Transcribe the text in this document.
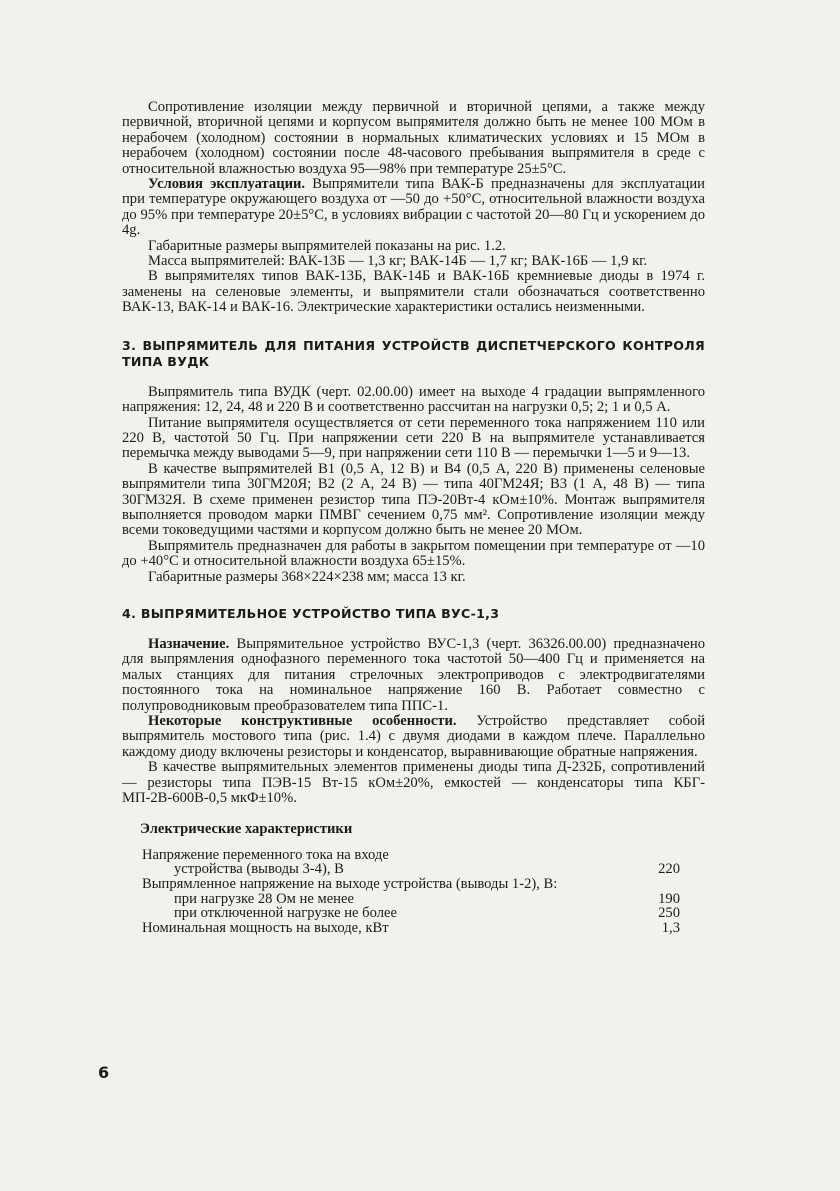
Сопротивление изоляции между первичной и вторичной цепями, а также между первичной, вторичной цепями и корпусом выпрямителя должно быть не менее 100 МОм в нерабочем (холодном) состоянии в нормальных климатических условиях и 15 МОм в нерабочем (холодном) состоянии после 48-часового пребывания выпрямителя в среде с относительной влажностью воздуха 95—98% при температуре 25±5°С.

Условия эксплуатации. Выпрямители типа ВАК-Б предназначены для эксплуатации при температуре окружающего воздуха от —50 до +50°С, относительной влажности воздуха до 95% при температуре 20±5°С, в условиях вибрации с частотой 20—80 Гц и ускорением до 4g.

Габаритные размеры выпрямителей показаны на рис. 1.2.

Масса выпрямителей: ВАК-13Б — 1,3 кг; ВАК-14Б — 1,7 кг; ВАК-16Б — 1,9 кг.

В выпрямителях типов ВАК-13Б, ВАК-14Б и ВАК-16Б кремниевые диоды в 1974 г. заменены на селеновые элементы, и выпрямители стали обозначаться соответственно ВАК-13, ВАК-14 и ВАК-16. Электрические характеристики остались неизменными.

3. ВЫПРЯМИТЕЛЬ ДЛЯ ПИТАНИЯ УСТРОЙСТВ ДИСПЕТЧЕРСКОГО КОНТРОЛЯ ТИПА ВУДК

Выпрямитель типа ВУДК (черт. 02.00.00) имеет на выходе 4 градации выпрямленного напряжения: 12, 24, 48 и 220 В и соответственно рассчитан на нагрузки 0,5; 2; 1 и 0,5 А.

Питание выпрямителя осуществляется от сети переменного тока напряжением 110 или 220 В, частотой 50 Гц. При напряжении сети 220 В на выпрямителе устанавливается перемычка между выводами 5—9, при напряжении сети 110 В — перемычки 1—5 и 9—13.

В качестве выпрямителей В1 (0,5 А, 12 В) и В4 (0,5 А, 220 В) применены селеновые выпрямители типа 30ГМ20Я; В2 (2 А, 24 В) — типа 40ГМ24Я; В3 (1 А, 48 В) — типа 30ГМ32Я. В схеме применен резистор типа ПЭ-20Вт-4 кОм±10%. Монтаж выпрямителя выполняется проводом марки ПМВГ сечением 0,75 мм². Сопротивление изоляции между всеми токоведущими частями и корпусом должно быть не менее 20 МОм.

Выпрямитель предназначен для работы в закрытом помещении при температуре от —10 до +40°С и относительной влажности воздуха 65±15%.

Габаритные размеры 368×224×238 мм; масса 13 кг.

4. ВЫПРЯМИТЕЛЬНОЕ УСТРОЙСТВО ТИПА ВУС-1,3

Назначение. Выпрямительное устройство ВУС-1,3 (черт. 36326.00.00) предназначено для выпрямления однофазного переменного тока частотой 50—400 Гц и применяется на малых станциях для питания стрелочных электроприводов с электродвигателями постоянного тока на номинальное напряжение 160 В. Работает совместно с полупроводниковым преобразователем типа ППС-1.

Некоторые конструктивные особенности. Устройство представляет собой выпрямитель мостового типа (рис. 1.4) с двумя диодами в каждом плече. Параллельно каждому диоду включены резисторы и конденсатор, выравнивающие обратные напряжения.

В качестве выпрямительных элементов применены диоды типа Д-232Б, сопротивлений — резисторы типа ПЭВ-15 Вт-15 кОм±20%, емкостей — конденсаторы типа КБГ-МП-2В-600В-0,5 мкФ±10%.

Электрические характеристики
Напряжение переменного тока на входе	
устройства (выводы 3-4), В	220
Выпрямленное напряжение на выходе устройства (выводы 1-2), В:	
при нагрузке 28 Ом не менее	190
при отключенной нагрузке не более	250
Номинальная мощность на выходе, кВт	1,3
6
